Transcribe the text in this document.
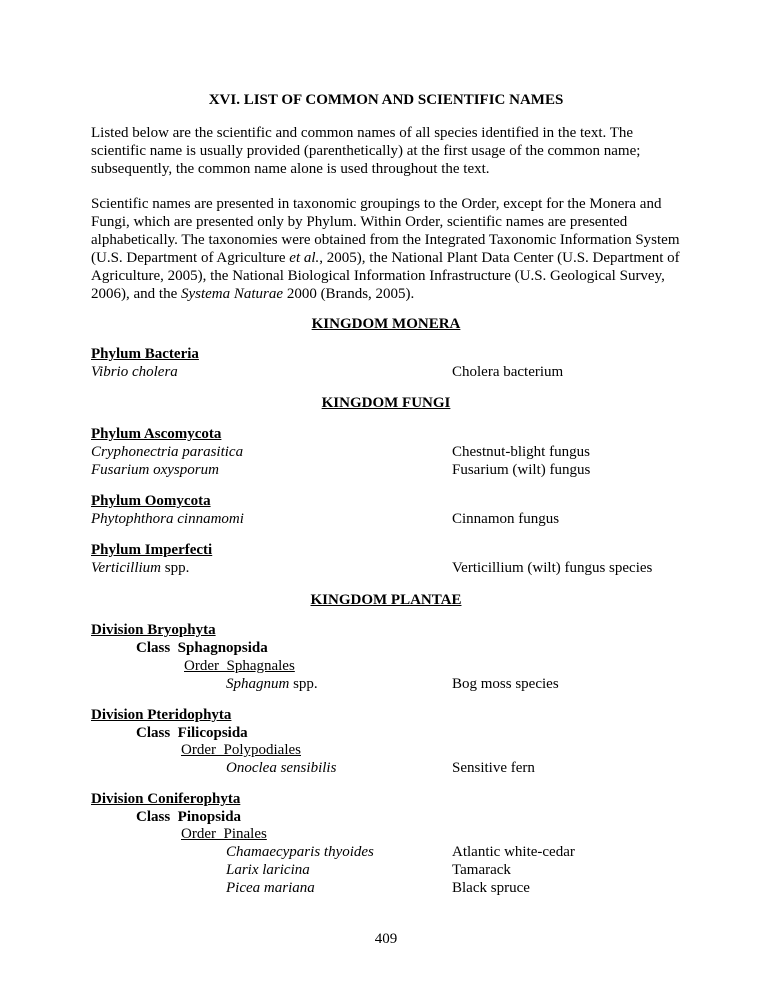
XVI. LIST OF COMMON AND SCIENTIFIC NAMES
Listed below are the scientific and common names of all species identified in the text. The scientific name is usually provided (parenthetically) at the first usage of the common name; subsequently, the common name alone is used throughout the text.
Scientific names are presented in taxonomic groupings to the Order, except for the Monera and Fungi, which are presented only by Phylum. Within Order, scientific names are presented alphabetically. The taxonomies were obtained from the Integrated Taxonomic Information System (U.S. Department of Agriculture et al., 2005), the National Plant Data Center (U.S. Department of Agriculture, 2005), the National Biological Information Infrastructure (U.S. Geological Survey, 2006), and the Systema Naturae 2000 (Brands, 2005).
KINGDOM MONERA
Phylum Bacteria
Vibrio cholera	Cholera bacterium
KINGDOM FUNGI
Phylum Ascomycota
Cryphonectria parasitica	Chestnut-blight fungus
Fusarium oxysporum	Fusarium (wilt) fungus
Phylum Oomycota
Phytophthora cinnamomi	Cinnamon fungus
Phylum Imperfecti
Verticillium spp.	Verticillium (wilt) fungus species
KINGDOM PLANTAE
Division Bryophyta
Class  Sphagnopsida
Order  Sphagnales
Sphagnum spp.	Bog moss species
Division Pteridophyta
Class  Filicopsida
Order  Polypodiales
Onoclea sensibilis	Sensitive fern
Division Coniferophyta
Class  Pinopsida
Order  Pinales
Chamaecyparis thyoides	Atlantic white-cedar
Larix laricina	Tamarack
Picea mariana	Black spruce
409
